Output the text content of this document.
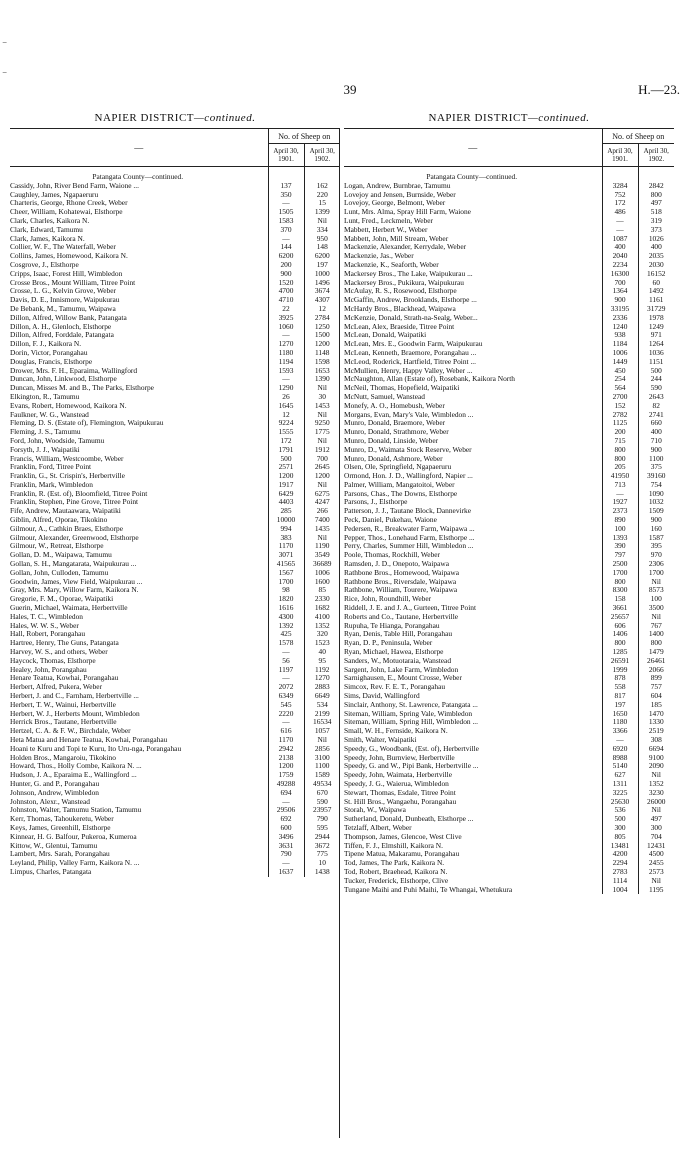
⁻
⁻
39	H.—23.
NAPIER DISTRICT—continued.
—	No. of Sheep on	
	April 30, 1901.	April 30, 1902.
Patangata County—continued.		

Cassidy, John, River Bend Farm, Waione ...	137	162

Caughley, James, Ngapaeruru	350	220

Charteris, George, Rhone Creek, Weber	—	15

Cheer, William, Kohatewai, Elsthorpe	1505	1399

Clark, Charles, Kaikora N.	1583	Nil

Clark, Edward, Tamumu	370	334

Clark, James, Kaikora N.	—	950

Collier, W. F., The Waterfall, Weber	144	148

Collins, James, Homewood, Kaikora N.	6200	6200

Cosgrove, J., Elsthorpe	200	197

Cripps, Isaac, Forest Hill, Wimbledon	900	1000

Crosse Bros., Mount William, Titree Point	1520	1496

Crosse, L. G., Kelvin Grove, Weber	4700	3674

Davis, D. E., Innismore, Waipukurau	4710	4307

De Bebank, M., Tamumu, Waipawa	22	12

Dillon, Alfred, Willow Bank, Patangata	3925	2784

Dillon, A. H., Glenloch, Elsthorpe	1060	1250

Dillon, Alfred, Forddale, Patangata	—	1500

Dillon, F. J., Kaikora N.	1270	1200

Dorin, Victor, Porangahau	1180	1148

Douglas, Francis, Elsthorpe	1194	1598

Drower, Mrs. F. H., Eparaima, Wallingford	1593	1653

Duncan, John, Linkwood, Elsthorpe	—	1390

Duncan, Misses M. and B., The Parks, Elsthorpe	1290	Nil

Elkington, R., Tamumu	26	30

Evans, Robert, Homewood, Kaikora N.	1645	1453

Faulkner, W. G., Wanstead	12	Nil

Fleming, D. S. (Estate of), Flemington, Waipukurau	9224	9250

Fleming, J. S., Tamumu	1555	1775

Ford, John, Woodside, Tamumu	172	Nil

Forsyth, J. J., Waipatiki	1791	1912

Francis, William, Westcoombe, Weber	500	700

Franklin, Ford, Titree Point	2571	2645

Franklin, G., St. Crispin's, Herbertville	1200	1200

Franklin, Mark, Wimbledon	1917	Nil

Franklin, R. (Est. of), Bloomfield, Titree Point	6429	6275

Franklin, Stephen, Pine Grove, Titree Point	4403	4247

Fife, Andrew, Mautaawara, Waipatiki	285	266

Giblin, Alfred, Oporae, Tikokino	10000	7400

Gilmour, A., Cathkin Braes, Elsthorpe	994	1435

Gilmour, Alexander, Greenwood, Elsthorpe	383	Nil

Gilmour, W., Retreat, Elsthorpe	1170	1190

Gollan, D. M., Waipawa, Tamumu	3071	3549

Gollan, S. H., Mangatarata, Waipukurau ...	41565	36689

Gollan, John, Culloden, Tamumu	1567	1006

Goodwin, James, View Field, Waipukurau ...	1700	1600

Gray, Mrs. Mary, Willow Farm, Kaikora N.	98	85

Gregorie, F. M., Oporae, Waipatiki	1820	2330

Guerin, Michael, Waimata, Herbertville	1616	1682

Hales, T. C., Wimbledon	4300	4100

Hales, W. W. S., Weber	1392	1352

Hall, Robert, Porangahau	425	320

Hartree, Henry, The Guns, Patangata	1578	1523

Harvey, W. S., and others, Weber	—	40

Haycock, Thomas, Elsthorpe	56	95

Healey, John, Porangahau	1197	1192

Henare Teatua, Kowhai, Porangahau	—	1270

Herbert, Alfred, Pukera, Weber	2072	2883

Herbert, J. and C., Farnham, Herbertville ...	6349	6649

Herbert, T. W., Wainui, Herbertville	545	534

Herbert, W. J., Herberts Mount, Wimbledon	2220	2199

Herrick Bros., Tautane, Herbertville	—	16534

Hertzel, C. A. & F. W., Birchdale, Weber	616	1057

Heta Matua and Henare Teatua, Kowhai, Porangahau	1170	Nil

Hoani te Kuru and Topi te Kuru, Ito Uru-nga, Porangahau	2942	2856

Holden Bros., Mangaroiu, Tikokino	2138	3100

Howard, Thos., Holly Combe, Kaikora N. ...	1200	1100

Hudson, J. A., Eparaima E., Wallingford ...	1759	1589

Hunter, G. and P., Porangahau	49288	49534

Johnson, Andrew, Wimbledon	694	670

Johnston, Alexr., Wanstead	—	590

Johnston, Walter, Tamumu Station, Tamumu	29506	23957

Kerr, Thomas, Tahoukeretu, Weber	692	790

Keys, James, Greenhill, Elsthorpe	600	595

Kinnear, H. G. Balfour, Pukeroa, Kumeroa	3496	2944

Kittow, W., Glentui, Tamumu	3631	3672

Lambert, Mrs. Sarah, Porangahau	790	775

Leyland, Philip, Valley Farm, Kaikora N. ...	—	10

Limpus, Charles, Patangata	1637	1438
NAPIER DISTRICT—continued.
—	No. of Sheep on	
	April 30, 1901.	April 30, 1902.
Patangata County—continued.		

Logan, Andrew, Burnbrae, Tamumu	3284	2842

Lovejoy and Jensen, Burnside, Weber	752	800

Lovejoy, George, Belmont, Weber	172	497

Lunt, Mrs. Alma, Spray Hill Farm, Waione	486	518

Lunt, Fred., Leckmeln, Weber	—	319

Mabbett, Herbert W., Weber	—	373

Mabbett, John, Mill Stream, Weber	1087	1026

Mackenzie, Alexander, Kerrydale, Weber	400	400

Mackenzie, Jas., Weber	2040	2035

Mackenzie, K., Seaforth, Weber	2234	2030

Mackersey Bros., The Lake, Waipukurau ...	16300	16152

Mackersey Bros., Pukikura, Waipukurau	700	60

McAulay, R. S., Rosewood, Elsthorpe	1364	1492

McGaffin, Andrew, Brooklands, Elsthorpe ...	900	1161

McHardy Bros., Blackhead, Waipawa	33195	31729

McKenzie, Donald, Strath-na-Sealg, Weber...	2336	1978

McLean, Alex, Braeside, Titree Point	1240	1249

McLean, Donald, Waipatiki	938	971

McLean, Mrs. E., Goodwin Farm, Waipukurau	1184	1264

McLean, Kenneth, Braemore, Porangahau ...	1006	1036

McLeod, Roderick, Hartfield, Titree Point ...	1449	1151

McMullien, Henry, Happy Valley, Weber ...	450	500

McNaughton, Allan (Estate of), Rosebank, Kaikora North	254	244

McNeil, Thomas, Hopefield, Waipatiki	564	590

McNutt, Samuel, Wanstead	2700	2643

Monefy, A. O., Homebush, Weber	152	82

Morgans, Evan, Mary's Vale, Wimbledon ...	2782	2741

Munro, Donald, Braemore, Weber	1125	660

Munro, Donald, Strathmore, Weber	200	400

Munro, Donald, Linside, Weber	715	710

Munro, D., Waimata Stock Reserve, Weber	800	900

Munro, Donald, Ashmore, Weber	800	1100

Olsen, Ole, Springfield, Ngapaeruru	205	375

Ormond, Hon. J. D., Wallingford, Napier ...	41950	39160

Palmer, William, Mangatoitoi, Weber	713	754

Parsons, Chas., The Downs, Elsthorpe	—	1090

Parsons, J., Elsthorpe	1927	1032

Patterson, J. J., Tautane Block, Dannevirke	2373	1509

Peck, Daniel, Pukehau, Waione	890	900

Pedersen, R., Breakwater Farm, Waipawa ...	100	160

Pepper, Thos., Lonehaud Farm, Elsthorpe ...	1393	1587

Perry, Charles, Summer Hill, Wimbledon ...	390	395

Poole, Thomas, Rockhill, Weber	797	970

Ramsden, J. D., Onepoto, Waipawa	2500	2306

Rathbone Bros., Homewood, Waipawa	1700	1700

Rathbone Bros., Riversdale, Waipawa	800	Nil

Rathbone, William, Tourere, Waipawa	8300	8573

Rice, John, Roundhill, Weber	158	100

Riddell, J. E. and J. A., Gurteen, Titree Point	3661	3500

Roberts and Co., Tautane, Herbertville	25657	Nil

Rupuha, Te Hianga, Porangahau	606	767

Ryan, Denis, Table Hill, Porangahau	1406	1400

Ryan, D. P., Peninsula, Weber	800	800

Ryan, Michael, Hawea, Elsthorpe	1285	1479

Sanders, W., Motuotaraia, Wanstead	26591	26461

Sargent, John, Lake Farm, Wimbledon	1999	2066

Sarnighausen, E., Mount Crosse, Weber	878	899

Simcox, Rev. F. E. T., Porangahau	558	757

Sims, David, Wallingford	817	604

Sinclair, Anthony, St. Lawrence, Patangata ...	197	185

Siteman, William, Spring Vale, Wimbledon	1650	1470

Siteman, William, Spring Hill, Wimbledon ...	1180	1330

Small, W. H., Fernside, Kaikora N.	3366	2519

Smith, Walter, Waipatiki	—	308

Speedy, G., Woodbank, (Est. of), Herbertville	6920	6694

Speedy, John, Burnview, Herbertville	8988	9100

Speedy, G. and W., Pipi Bank, Herbertville ...	5140	2090

Speedy, John, Waimata, Herbertville	627	Nil

Speedy, J. G., Waierua, Wimbledon	1311	1352

Stewart, Thomas, Esdale, Titree Point	3225	3230

St. Hill Bros., Wangaehu, Porangahau	25630	26000

Storah, W., Waipawa	536	Nil

Sutherland, Donald, Dunbeath, Elsthorpe ...	500	497

Tetzlaff, Albert, Weber	300	300

Thompson, James, Glencoe, West Clive	805	704

Tiffen, F. J., Elmshill, Kaikora N.	13481	12431

Tipene Matua, Makaramu, Porangahau	4200	4500

Tod, James, The Park, Kaikora N.	2294	2455

Tod, Robert, Braehead, Kaikora N.	2783	2573

Tucker, Frederick, Elsthorpe, Clive	1114	Nil

Tungane Maihi and Puhi Maihi, Te Whangai, Whetukura	1004	1195
